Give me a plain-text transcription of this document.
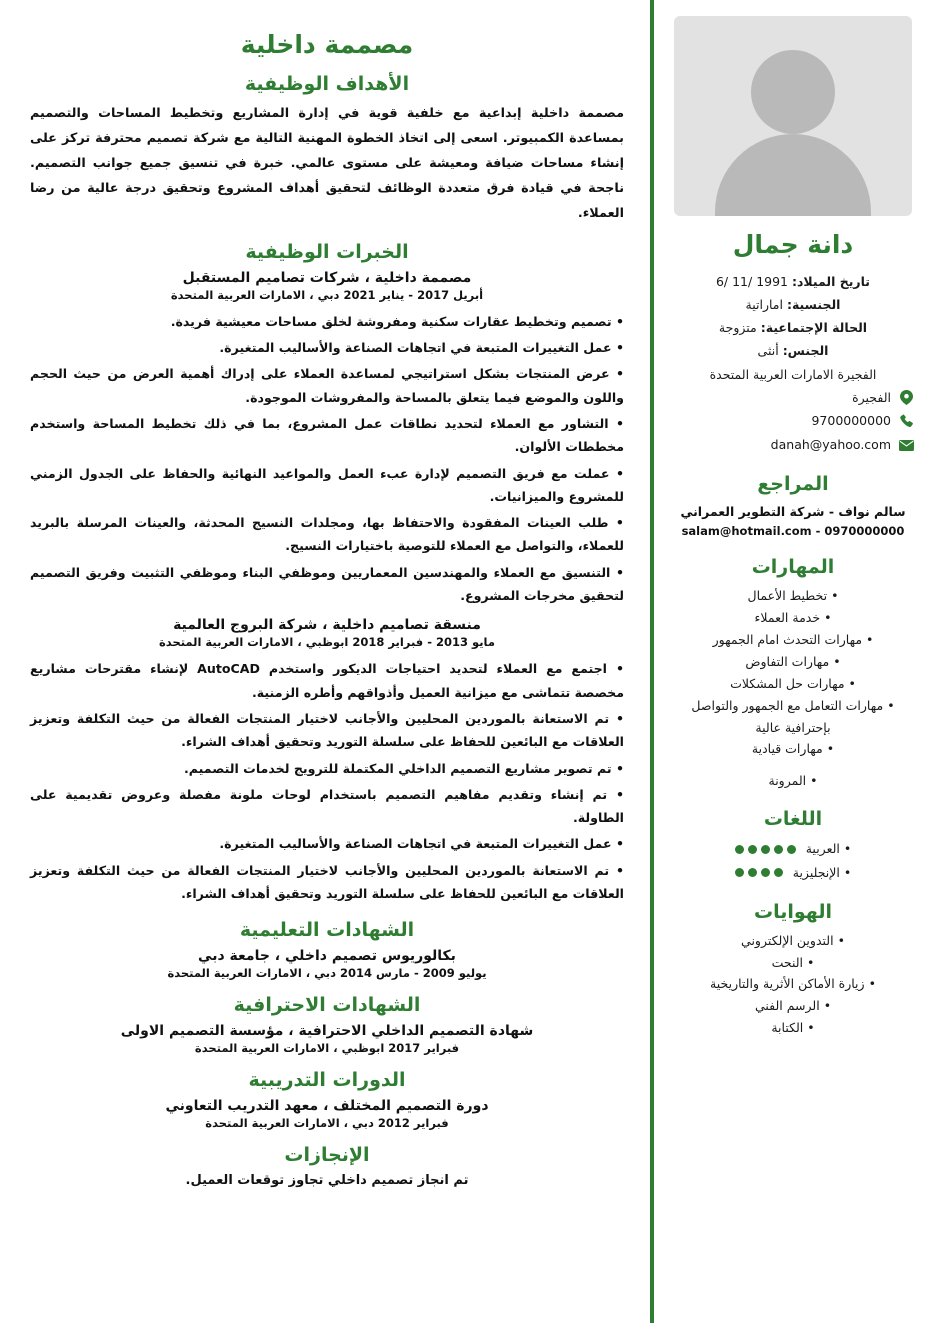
دانة جمال
تاريخ الميلاد: 1991 /11 /6
الجنسية: اماراتية
الحالة الإجتماعية: متزوجة
الجنس: أنثى
الفجيرة الامارات العربية المتحدة
الفجيرة
9700000000
danah@yahoo.com
المراجع
سالم نواف - شركة التطوير العمراني
salam@hotmail.com - 0970000000
المهارات
• تخطيط الأعمال
• خدمة العملاء
• مهارات التحدث امام الجمهور
• مهارات التفاوض
• مهارات حل المشكلات
• مهارات التعامل مع الجمهور والتواصل بإحترافية عالية
• مهارات قيادية
• المرونة
اللغات
• العربية
• الإنجليزية
الهوايات
• التدوين الإلكتروني
• النحت
• زيارة الأماكن الأثرية والتاريخية
• الرسم الفني
• الكتابة
مصممة داخلية
الأهداف الوظيفية

مصممة داخلية إبداعية مع خلفية قوية في إدارة المشاريع وتخطيط المساحات والتصميم بمساعدة الكمبيوتر. اسعى إلى اتخاذ الخطوة المهنية التالية مع شركة تصميم محترفة تركز على إنشاء مساحات ضيافة ومعيشة على مستوى عالمي. خبرة في تنسيق جميع جوانب التصميم. ناجحة في قيادة فرق متعددة الوظائف لتحقيق أهداف المشروع وتحقيق درجة عالية من رضا العملاء.

الخبرات الوظيفية
مصممة داخلية ، شركات تصاميم المستقبل
أبريل 2017 - يناير 2021 دبي ، الامارات العربية المتحدة
• تصميم وتخطيط عقارات سكنية ومفروشة لخلق مساحات معيشية فريدة.
• عمل التغييرات المتبعة في اتجاهات الصناعة والأساليب المتغيرة.
• عرض المنتجات بشكل استراتيجي لمساعدة العملاء على إدراك أهمية العرض من حيث الحجم واللون والموضع فيما يتعلق بالمساحة والمفروشات الموجودة.
• التشاور مع العملاء لتحديد نطاقات عمل المشروع، بما في ذلك تخطيط المساحة واستخدم مخططات الألوان.
• عملت مع فريق التصميم لإدارة عبء العمل والمواعيد النهائية والحفاظ على الجدول الزمني للمشروع والميزانيات.
• طلب العينات المفقودة والاحتفاظ بها، ومجلدات النسيج المحدثة، والعينات المرسلة بالبريد للعملاء، والتواصل مع العملاء للتوصية باختيارات النسيج.
• التنسيق مع العملاء والمهندسين المعماريين وموظفي البناء وموظفي التثبيت وفريق التصميم لتحقيق مخرجات المشروع.
منسقة تصاميم داخلية ، شركة البروج العالمية
مايو 2013 - فبراير 2018 ابوظبي ، الامارات العربية المتحدة
• اجتمع مع العملاء لتحديد احتياجات الديكور واستخدم AutoCAD لإنشاء مقترحات مشاريع مخصصة تتماشى مع ميزانية العميل وأذواقهم وأطره الزمنية.
• تم الاستعانة بالموردين المحليين والأجانب لاختيار المنتجات الفعالة من حيث التكلفة وتعزيز العلاقات مع البائعين للحفاظ على سلسلة التوريد وتحقيق أهداف الشراء.
• تم تصوير مشاريع التصميم الداخلي المكتملة للترويج لخدمات التصميم.
• تم إنشاء وتقديم مفاهيم التصميم باستخدام لوحات ملونة مفصلة وعروض تقديمية على الطاولة.
• عمل التغييرات المتبعة في اتجاهات الصناعة والأساليب المتغيرة.
• تم الاستعانة بالموردين المحليين والأجانب لاختيار المنتجات الفعالة من حيث التكلفة وتعزيز العلاقات مع البائعين للحفاظ على سلسلة التوريد وتحقيق أهداف الشراء.
الشهادات التعليمية
بكالوريوس تصميم داخلي ، جامعة دبي
يوليو 2009 - مارس 2014 دبي ، الامارات العربية المتحدة
الشهادات الاحترافية
شهادة التصميم الداخلي الاحترافية ، مؤسسة التصميم الاولى
فبراير 2017 ابوظبي ، الامارات العربية المتحدة
الدورات التدريبية
دورة التصميم المختلف ، معهد التدريب التعاوني
فبراير 2012 دبي ، الامارات العربية المتحدة
الإنجازات
تم انجاز تصميم داخلي تجاوز توقعات العميل.
